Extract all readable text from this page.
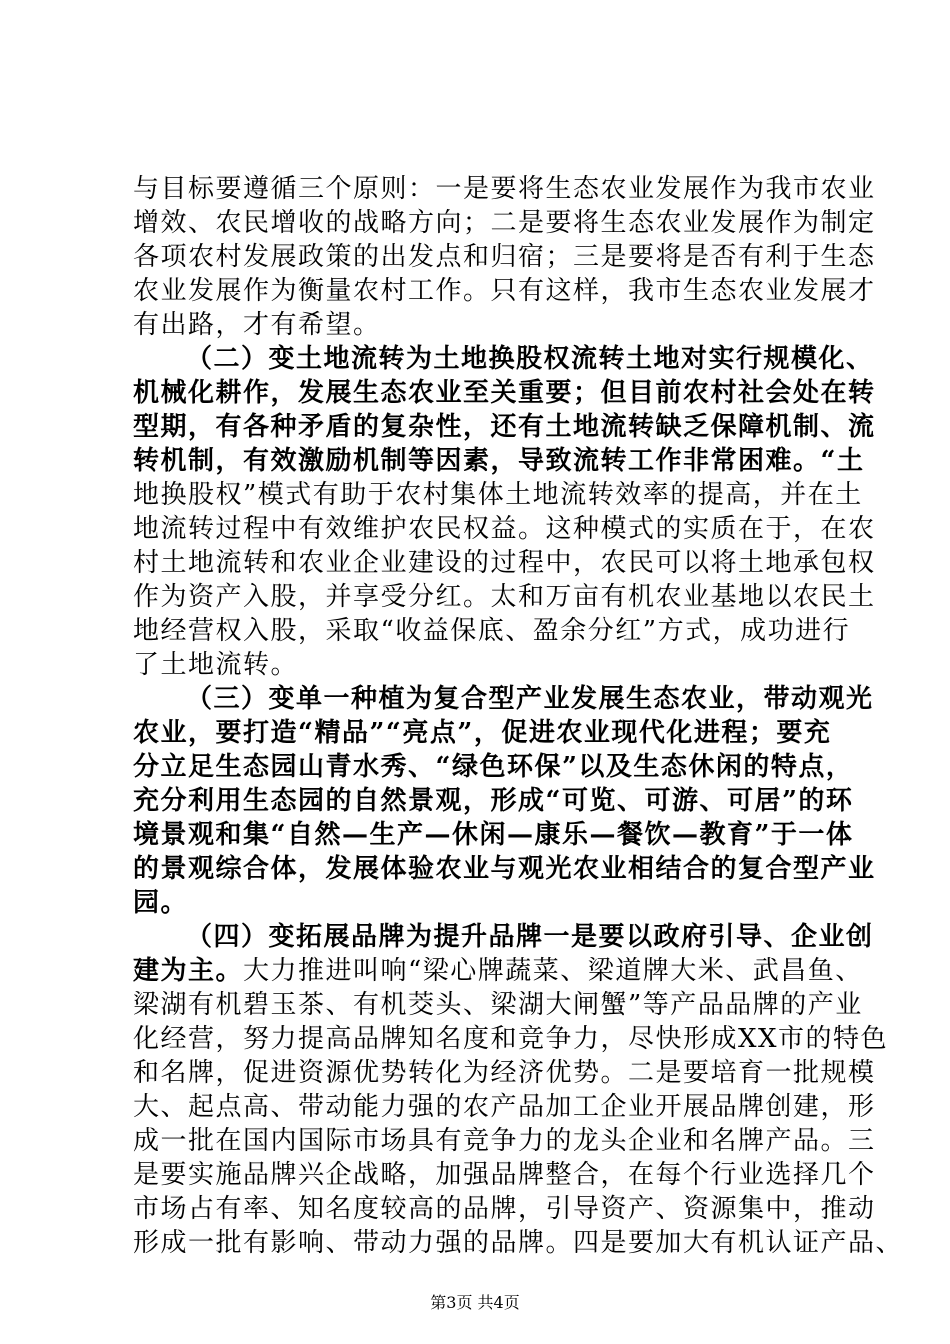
与目标要遵循三个原则：一是要将生态农业发展作为我市农业
增效、农民增收的战略方向；二是要将生态农业发展作为制定
各项农村发展政策的出发点和归宿；三是要将是否有利于生态
农业发展作为衡量农村工作。只有这样，我市生态农业发展才
有出路，才有希望。
（二）变土地流转为土地换股权流转土地对实行规模化、
机械化耕作，发展生态农业至关重要；但目前农村社会处在转
型期，有各种矛盾的复杂性，还有土地流转缺乏保障机制、流
转机制，有效激励机制等因素，导致流转工作非常困难。“土
地换股权”模式有助于农村集体土地流转效率的提高，并在土
地流转过程中有效维护农民权益。这种模式的实质在于，在农
村土地流转和农业企业建设的过程中，农民可以将土地承包权
作为资产入股，并享受分红。太和万亩有机农业基地以农民土
地经营权入股，采取“收益保底、盈余分红”方式，成功进行
了土地流转。
（三）变单一种植为复合型产业发展生态农业，带动观光
农业，要打造“精品”“亮点”，促进农业现代化进程；要充
分立足生态园山青水秀、“绿色环保”以及生态休闲的特点，
充分利用生态园的自然景观，形成“可览、可游、可居”的环
境景观和集“自然—生产—休闲—康乐—餐饮—教育”于一体
的景观综合体，发展体验农业与观光农业相结合的复合型产业
园。
（四）变拓展品牌为提升品牌一是要以政府引导、企业创
建为主。大力推进叫响“梁心牌蔬菜、梁道牌大米、武昌鱼、
梁湖有机碧玉茶、有机茭头、梁湖大闸蟹”等产品品牌的产业
化经营，努力提高品牌知名度和竞争力，尽快形成XX市的特色
和名牌，促进资源优势转化为经济优势。二是要培育一批规模
大、起点高、带动能力强的农产品加工企业开展品牌创建，形
成一批在国内国际市场具有竞争力的龙头企业和名牌产品。三
是要实施品牌兴企战略，加强品牌整合，在每个行业选择几个
市场占有率、知名度较高的品牌，引导资产、资源集中，推动
形成一批有影响、带动力强的品牌。四是要加大有机认证产品、
第3页 共4页
